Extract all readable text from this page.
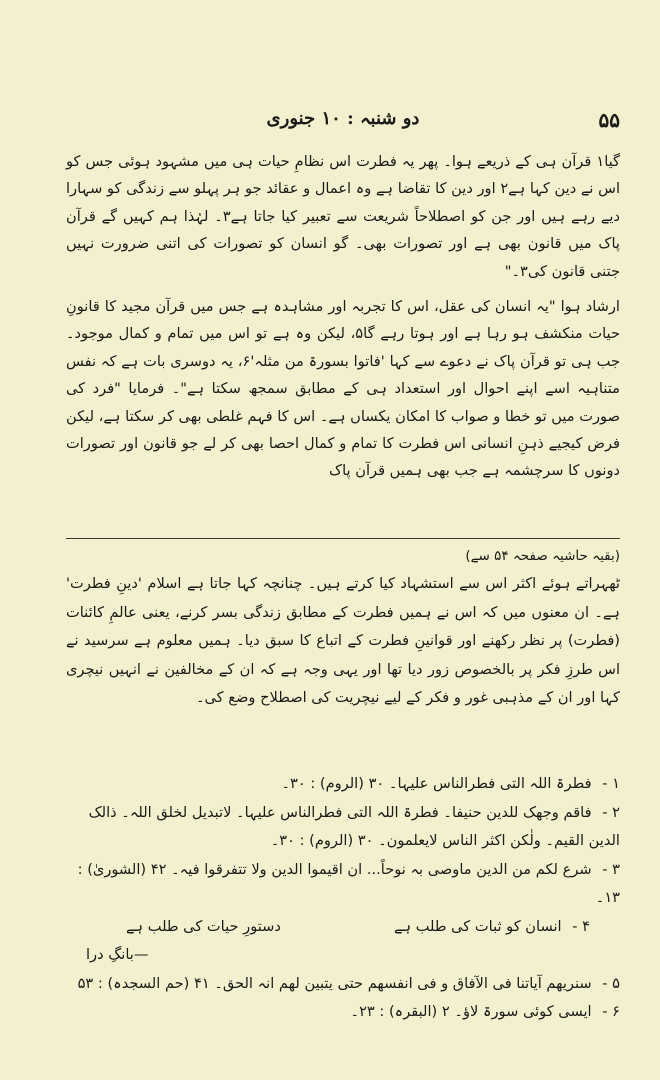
۵۵
دو شنبہ : ۱۰ جنوری

گیا۱ قرآن ہی کے ذریعے ہوا۔ پھر یہ فطرت اس نظامِ حیات ہی میں مشہود ہوئی جس کو اس نے دین کہا ہے۲ اور دین کا تقاضا ہے وہ اعمال و عقائد جو ہر پہلو سے زندگی کو سہارا دیے رہے ہیں اور جن کو اصطلاحاً شریعت سے تعبیر کیا جاتا ہے۳۔ لہٰذا ہم کہیں گے قرآن پاک میں قانون بھی ہے اور تصورات بھی۔ گو انسان کو تصورات کی اتنی ضرورت نہیں جتنی قانون کی۳۔"

ارشاد ہوا "یہ انسان کی عقل، اس کا تجربہ اور مشاہدہ ہے جس میں قرآن مجید کا قانونِ حیات منکشف ہو رہا ہے اور ہوتا رہے گا۵، لیکن وہ ہے تو اس میں تمام و کمال موجود۔ جب ہی تو قرآن پاک نے دعوے سے کہا 'فاتوا بسورۃ من مثلہ'۶، یہ دوسری بات ہے کہ نفس متناہیہ اسے اپنے احوال اور استعداد ہی کے مطابق سمجھ سکتا ہے"۔ فرمایا "فرد کی صورت میں تو خطا و صواب کا امکان یکساں ہے۔ اس کا فہم غلطی بھی کر سکتا ہے، لیکن فرض کیجیے ذہنِ انسانی اس فطرت کا تمام و کمال احصا بھی کر لے جو قانون اور تصورات دونوں کا سرچشمہ ہے جب بھی ہمیں قرآن پاک

(بقیہ حاشیہ صفحہ ۵۴ سے)

ٹھہراتے ہوئے اکثر اس سے استشہاد کیا کرتے ہیں۔ چنانچہ کہا جاتا ہے اسلام 'دینِ فطرت' ہے۔ ان معنوں میں کہ اس نے ہمیں فطرت کے مطابق زندگی بسر کرنے، یعنی عالمِ کائنات (فطرت) پر نظر رکھنے اور قوانینِ فطرت کے اتباع کا سبق دیا۔ ہمیں معلوم ہے سرسید نے اس طرزِ فکر پر بالخصوص زور دیا تھا اور یہی وجہ ہے کہ ان کے مخالفین نے انہیں نیچری کہا اور ان کے مذہبی غور و فکر کے لیے نیچریت کی اصطلاح وضع کی۔

۱ - فطرۃ اللہ التی فطرالناس علیہا۔ ۳۰ (الروم) : ۳۰۔

۲ - فاقم وجھک للدین حنیفا۔ فطرۃ اللہ التی فطرالناس علیہا۔ لاتبدیل لخلق اللہ۔ ذالک الدین القیم۔ ولٰکن اکثر الناس لایعلمون۔ ۳۰ (الروم) : ۳۰۔

۳ - شرع لکم من الدین ماوصی بہ نوحاً... ان اقیموا الدین ولا تتفرقوا فیہ۔ ۴۲ (الشوریٰ) : ۱۳۔

۴ - انسان کو ثبات کی طلب ہے
دستورِ حیات کی طلب ہے
—بانگِ درا

۵ - سنریھم آیاتنا فی الآفاق و فی انفسھم حتی یتبین لھم انہ الحق۔ ۴۱ (حم السجدہ) : ۵۳

۶ - ایسی کوئی سورۃ لاؤ۔ ۲ (البقرہ) : ۲۳۔
